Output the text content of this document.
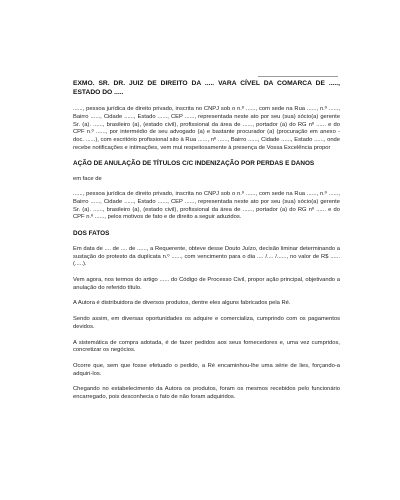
EXMO. SR. DR. JUIZ DE DIREITO DA ..... VARA CÍVEL DA COMARCA DE ....., ESTADO DO .....
......, pessoa jurídica de direito privado, inscrita no CNPJ sob o n.º ......, com sede na Rua ......, n.º ......, Bairro ......, Cidade ......, Estado ......, CEP ......, representada neste ato por seu (sua) sócio(a) gerente Sr. (a). ......, brasileiro (a), (estado civil), profissional da área de ......, portador (a) do RG nº ...... e do CPF n.º ......, por intermédio de seu advogado (a) e bastante procurador (a) (procuração em anexo - doc. ......), com escritório profissional sito à Rua ......, nº ......, Bairro ......, Cidade ......, Estado ......, onde recebe notificações e intimações, vem mui respeitosamente à presença de Vossa Excelência propor
AÇÃO DE ANULAÇÃO DE TÍTULOS C/C INDENIZAÇÃO POR PERDAS E DANOS
em face de
......, pessoa jurídica de direito privado, inscrita no CNPJ sob o n.º ......, com sede na Rua ......, n.º ......, Bairro ......, Cidade ......, Estado ......, CEP ......, representada neste ato por seu (sua) sócio(a) gerente Sr. (a). ......, brasileiro (a), (estado civil), profissional da área de ......, portador (a) do RG nº ...... e do CPF n.º ......, pelos motivos de fato e de direito a seguir aduzidos.
DOS FATOS
Em data de .... de .... de ......, a Requerente, obteve desse Douto Juízo, decisão liminar determinando a sustação do protesto da duplicata n.º ......, com vencimento para o dia .... /.... /......, no valor de R$ ...... (.....).
Vem agora, nos termos do artigo ...... do Código de Processo Civil, propor ação principal, objetivando a anulação do referido título.
A Autora é distribuidora de diversos produtos, dentre eles alguns fabricados pela Ré.
Sendo assim, em diversas oportunidades os adquire e comercializa, cumprindo com os pagamentos devidos.
A sistemática de compra adotada, é de fazer pedidos aos seus fornecedores e, uma vez cumpridos, concretizar os negócios.
Ocorre que, sem que fosse efetuado o pedido, a Ré encaminhou-lhe uma série de lies, forçando-a adquiri-los.
Chegando no estabelecimento da Autora os produtos, foram os mesmos recebidos pelo funcionário encarregado, pois desconhecia o fato de não foram adquiridos.
